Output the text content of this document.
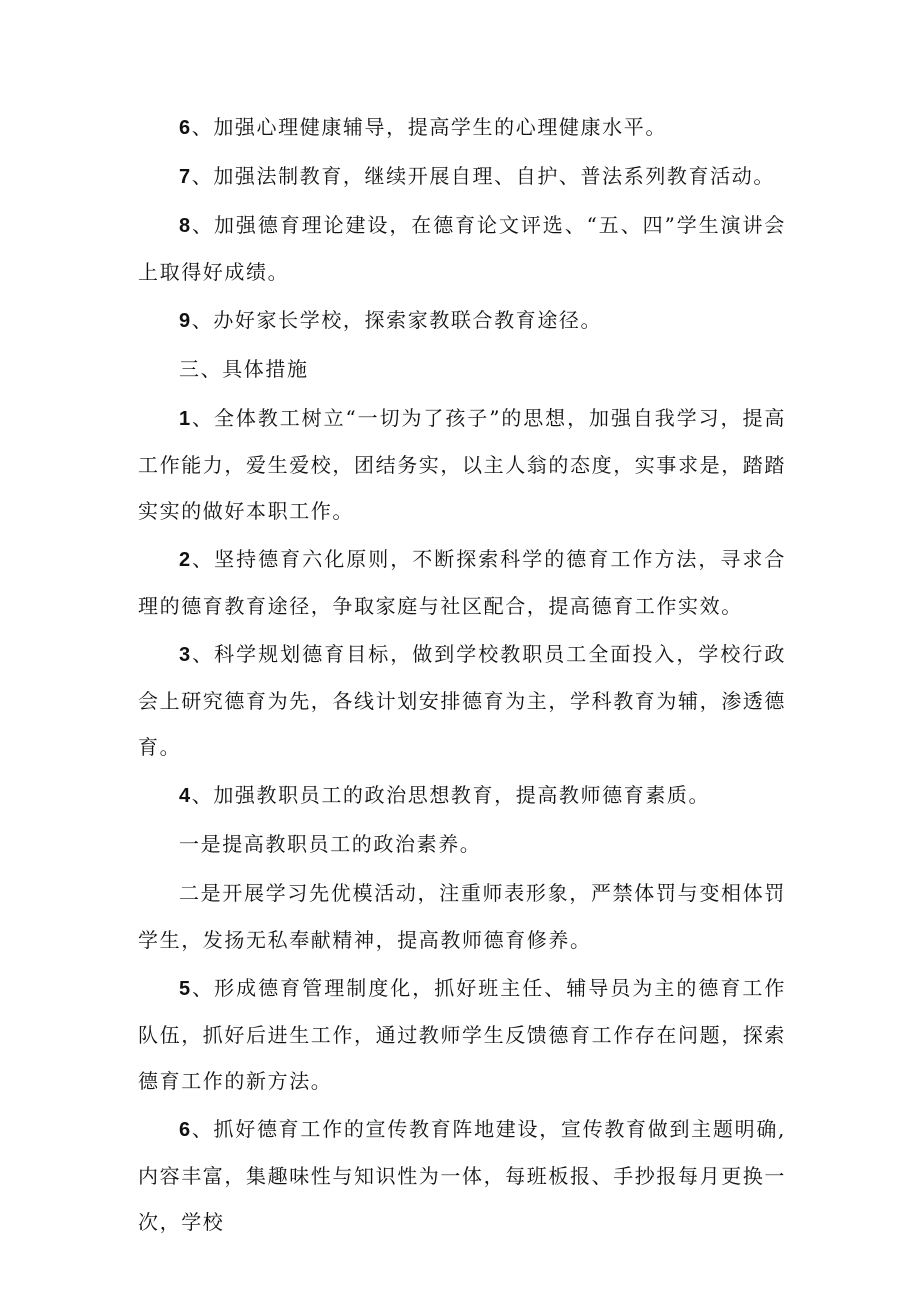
6、加强心理健康辅导，提高学生的心理健康水平。

7、加强法制教育，继续开展自理、自护、普法系列教育活动。

8、加强德育理论建设，在德育论文评选、“五、四”学生演讲会上取得好成绩。

9、办好家长学校，探索家教联合教育途径。

三、具体措施

1、全体教工树立“一切为了孩子”的思想，加强自我学习，提高工作能力，爱生爱校，团结务实，以主人翁的态度，实事求是，踏踏实实的做好本职工作。

2、坚持德育六化原则，不断探索科学的德育工作方法，寻求合理的德育教育途径，争取家庭与社区配合，提高德育工作实效。

3、科学规划德育目标，做到学校教职员工全面投入，学校行政会上研究德育为先，各线计划安排德育为主，学科教育为辅，渗透德育。

4、加强教职员工的政治思想教育，提高教师德育素质。

一是提高教职员工的政治素养。

二是开展学习先优模活动，注重师表形象，严禁体罚与变相体罚学生，发扬无私奉献精神，提高教师德育修养。

5、形成德育管理制度化，抓好班主任、辅导员为主的德育工作队伍，抓好后进生工作，通过教师学生反馈德育工作存在问题，探索德育工作的新方法。

6、抓好德育工作的宣传教育阵地建设，宣传教育做到主题明确,内容丰富，集趣味性与知识性为一体，每班板报、手抄报每月更换一次，学校
